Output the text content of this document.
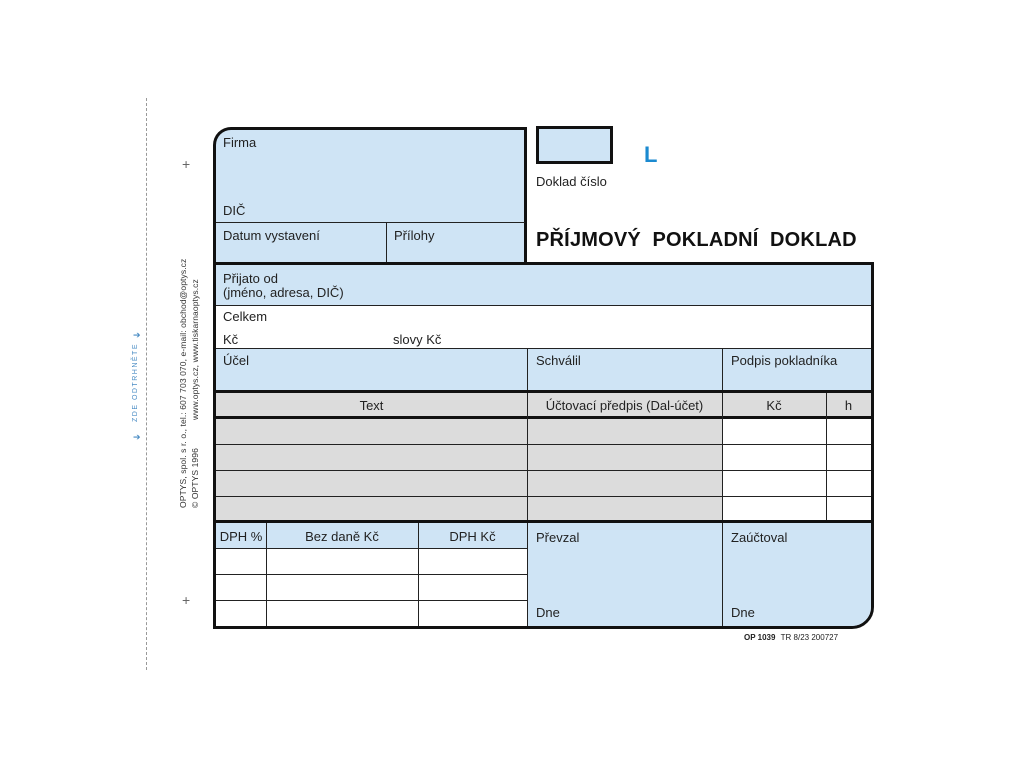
ZDE ODTRHNĚTE
➔
➔	OPTYS, spol. s r. o., tel.: 607 703 070, e-mail: obchod@optys.cz www.optys.cz, www.tiskarnaoptys.cz
© OPTYS 1996
+
+
Firma
DIČ
Datum vystavení	Přílohy
L
Doklad číslo
PŘÍJMOVÝ  POKLADNÍ  DOKLAD
Přijato od
(jméno, adresa, DIČ)
Celkem
Kč	slovy Kč
Účel	Schválil	Podpis pokladníka
Text	Účtovací předpis (Dal-účet)	Kč	h
DPH %	Bez daně Kč	DPH Kč	Převzal	Zaúčtoval
Dne	Dne
OP 1039 TR 8/23 200727
